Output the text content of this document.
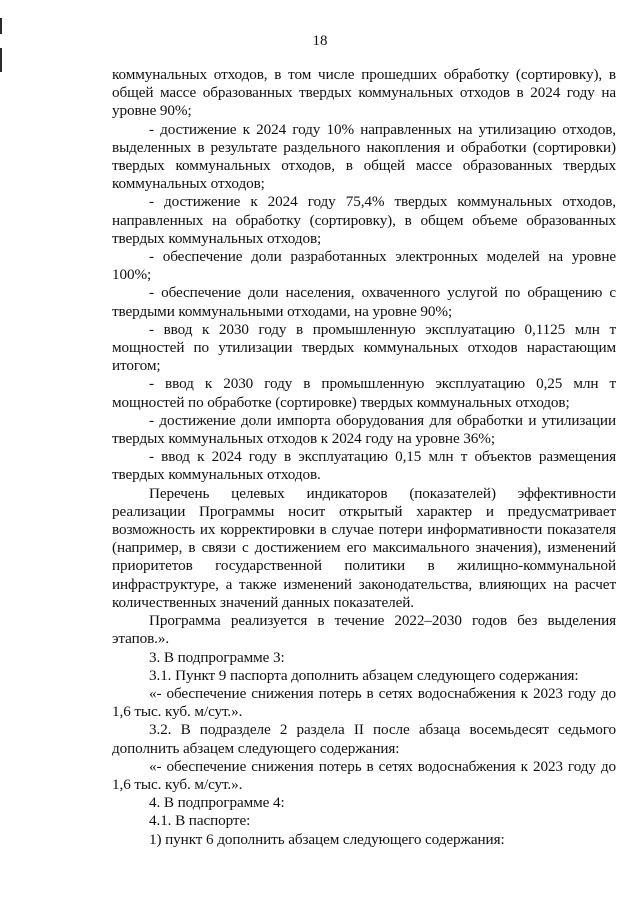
18

коммунальных отходов, в том числе прошедших обработку (сортировку), в общей массе образованных твердых коммунальных отходов в 2024 году на уровне 90%;

- достижение к 2024 году 10% направленных на утилизацию отходов, выделенных в результате раздельного накопления и обработки (сортировки) твердых коммунальных отходов, в общей массе образованных твердых коммунальных отходов;

- достижение к 2024 году 75,4% твердых коммунальных отходов, направленных на обработку (сортировку), в общем объеме образованных твердых коммунальных отходов;

- обеспечение доли разработанных электронных моделей на уровне 100%;

- обеспечение доли населения, охваченного услугой по обращению с твердыми коммунальными отходами, на уровне 90%;

- ввод к 2030 году в промышленную эксплуатацию 0,1125 млн т мощностей по утилизации твердых коммунальных отходов нарастающим итогом;

- ввод к 2030 году в промышленную эксплуатацию 0,25 млн т мощностей по обработке (сортировке) твердых коммунальных отходов;

- достижение доли импорта оборудования для обработки и утилизации твердых коммунальных отходов к 2024 году на уровне 36%;

- ввод к 2024 году в эксплуатацию 0,15 млн т объектов размещения твердых коммунальных отходов.

Перечень целевых индикаторов (показателей) эффективности реализации Программы носит открытый характер и предусматривает возможность их корректировки в случае потери информативности показателя (например, в связи с достижением его максимального значения), изменений приоритетов государственной политики в жилищно-коммунальной инфраструктуре, а также изменений законодательства, влияющих на расчет количественных значений данных показателей.

Программа реализуется в течение 2022–2030 годов без выделения этапов.».

3. В подпрограмме 3:

3.1. Пункт 9 паспорта дополнить абзацем следующего содержания:

«- обеспечение снижения потерь в сетях водоснабжения к 2023 году до 1,6 тыс. куб. м/сут.».

3.2. В подразделе 2 раздела II после абзаца восемьдесят седьмого дополнить абзацем следующего содержания:

«- обеспечение снижения потерь в сетях водоснабжения к 2023 году до 1,6 тыс. куб. м/сут.».

4. В подпрограмме 4:

4.1. В паспорте:

1) пункт 6 дополнить абзацем следующего содержания:
